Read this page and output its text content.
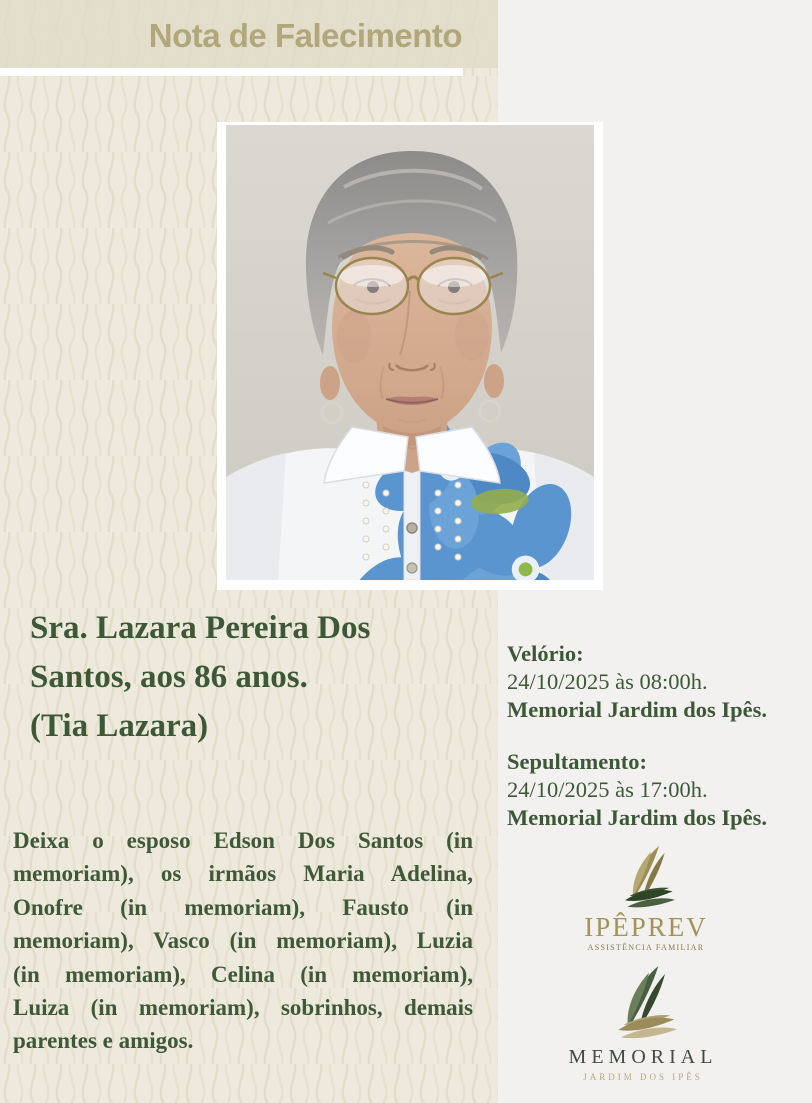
Nota de Falecimento
Sra. Lazara Pereira Dos
Santos, aos 86 anos.
(Tia Lazara)
Deixa o esposo Edson Dos Santos (in
memoriam), os irmãos Maria Adelina,
Onofre (in memoriam), Fausto (in
memoriam), Vasco (in memoriam), Luzia
(in memoriam), Celina (in memoriam),
Luiza (in memoriam), sobrinhos, demais
parentes e amigos.
Velório:
24/10/2025 às 08:00h.
Memorial Jardim dos Ipês.
Sepultamento:
24/10/2025 às 17:00h.
Memorial Jardim dos Ipês.
IPÊPREV
ASSISTÊNCIA FAMILIAR
MEMORIAL
JARDIM DOS IPÊS
